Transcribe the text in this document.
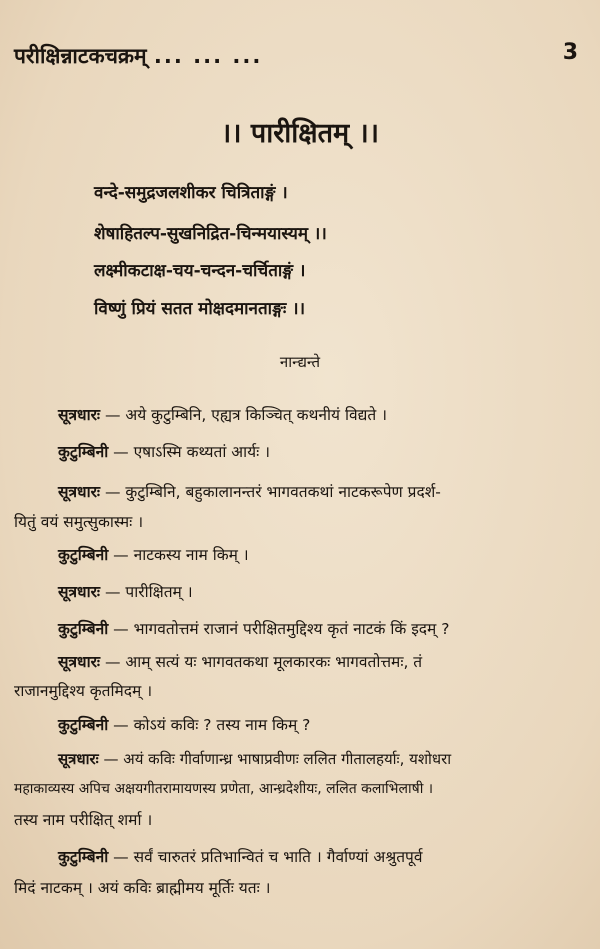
परीक्षिन्नाटकचक्रम् ... ... ...	3
।। पारीक्षितम् ।।
वन्दे-समुद्रजलशीकर चित्रिताङ्गं ।
शेषाहितल्प-सुखनिद्रित-चिन्मयास्यम् ।।
लक्ष्मीकटाक्ष-चय-चन्दन-चर्चिताङ्गं ।
विष्णुं प्रियं सतत मोक्षदमानताङ्गः ।।
नान्द्यन्ते
सूत्रधारः — अये कुटुम्बिनि, एह्यत्र किञ्चित् कथनीयं विद्यते ।
कुटुम्बिनी — एषाऽस्मि कथ्यतां आर्यः ।
सूत्रधारः — कुटुम्बिनि, बहुकालानन्तरं भागवतकथां नाटकरूपेण प्रदर्श-
यितुं वयं समुत्सुकास्मः ।
कुटुम्बिनी — नाटकस्य नाम किम् ।
सूत्रधारः — पारीक्षितम् ।
कुटुम्बिनी — भागवतोत्तमं राजानं परीक्षितमुद्दिश्य कृतं नाटकं किं इदम् ?
सूत्रधारः — आम् सत्यं यः भागवतकथा मूलकारकः भागवतोत्तमः, तं
राजानमुद्दिश्य कृतमिदम् ।
कुटुम्बिनी — कोऽयं कविः ? तस्य नाम किम् ?
सूत्रधारः — अयं कविः गीर्वाणान्ध्र भाषाप्रवीणः ललित गीतालहर्याः, यशोधरा
महाकाव्यस्य अपिच अक्षयगीतरामायणस्य प्रणेता, आन्ध्रदेशीयः, ललित कलाभिलाषी ।
तस्य नाम परीक्षित् शर्मा ।
कुटुम्बिनी — सर्वं चारुतरं प्रतिभान्वितं च भाति । गैर्वाण्यां अश्रुतपूर्व
मिदं नाटकम् । अयं कविः ब्राह्मीमय मूर्तिः यतः ।
